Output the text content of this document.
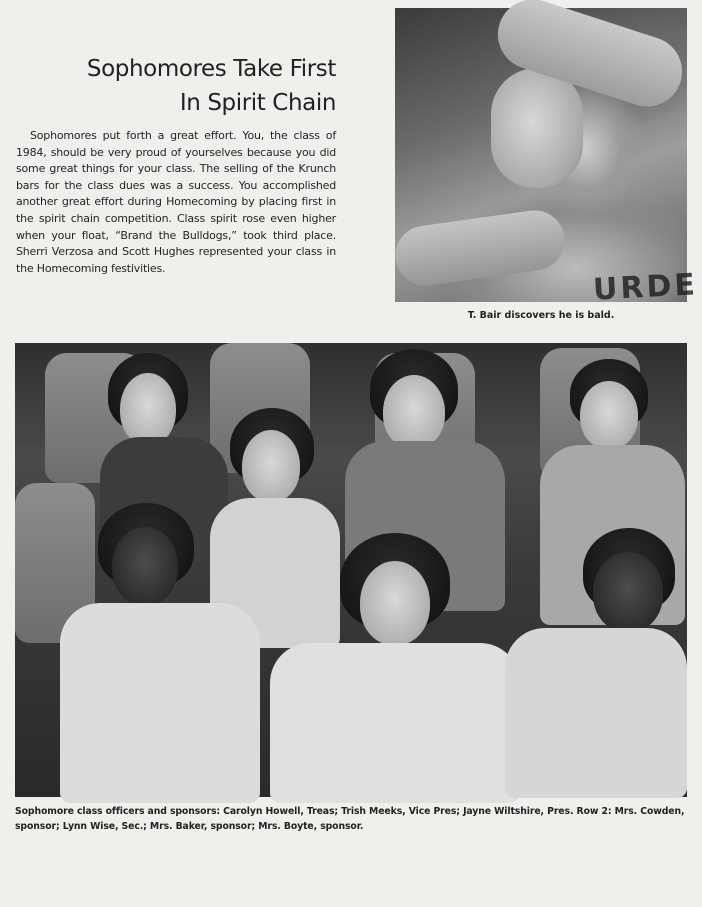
Sophomores Take First
In Spirit Chain

Sophomores put forth a great effort. You, the class of 1984, should be very proud of yourselves because you did some great things for your class. The selling of the Krunch bars for the class dues was a success. You accomplished another great effort during Homecoming by placing first in the spirit chain competition. Class spirit rose even higher when your float, “Brand the Bulldogs,” took third place. Sherri Verzosa and Scott Hughes represented your class in the Homecoming festivities.	URDE

T. Bair discovers he is bald.

Sophomore class officers and sponsors: Carolyn Howell, Treas; Trish Meeks, Vice Pres; Jayne Wiltshire, Pres. Row 2: Mrs. Cowden, sponsor; Lynn Wise, Sec.; Mrs. Baker, sponsor; Mrs. Boyte, sponsor.
